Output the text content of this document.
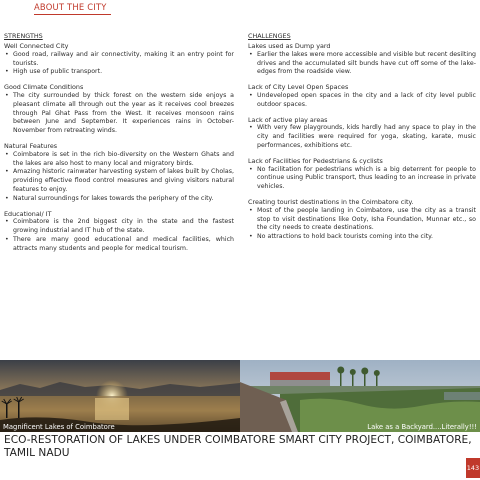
ABOUT THE CITY
STRENGTHS	CHALLENGES
Well Connected City
• Good road, railway and air connectivity, making it an entry point for tourists.
• High use of public transport.
Good Climate Conditions
• The city surrounded by thick forest on the western side enjoys a pleasant climate all through out the year as it receives cool breezes through Pal Ghat Pass from the West. It receives monsoon rains between June and September. It experiences rains in October-November from retreating winds.
Natural Features
• Coimbatore is set in the rich bio-diversity on the Western Ghats and the lakes are also host to many local and migratory birds.
• Amazing historic rainwater harvesting system of lakes built by Cholas, providing effective flood control measures and giving visitors natural features to enjoy.
• Natural surroundings for lakes towards the periphery of the city.
Educational/ IT
• Coimbatore is the 2nd biggest city in the state and the fastest growing industrial and IT hub of the state.
• There are many good educational and medical facilities, which attracts many students and people for medical tourism.
Lakes used as Dump yard
• Earlier the lakes were more accessible and visible but recent desilting drives and the accumulated silt bunds have cut off some of the lake-edges from the roadside view.
Lack of City Level Open Spaces
• Undeveloped open spaces in the city and a lack of city level public outdoor spaces.
Lack of active play areas
• With very few playgrounds, kids hardly had any space to play in the city and facilities were required for yoga, skating, karate, music performances, exhibitions etc.
Lack of Facilities for Pedestrians & cyclists
• No facilitation for pedestrians which is a big deterrent for people to continue using Public transport, thus leading to an increase in private vehicles.
Creating tourist destinations in the Coimbatore city.
• Most of the people landing in Coimbatore, use the city as a transit stop to visit destinations like Ooty, Isha Foundation, Munnar etc., so the city needs to create destinations.
• No attractions to hold back tourists coming into the city.
Magnificent Lakes of Coimbatore	Lake as a Backyard....Literally!!!
ECO-RESTORATION OF LAKES UNDER COIMBATORE SMART CITY PROJECT, COIMBATORE, TAMIL NADU
143
